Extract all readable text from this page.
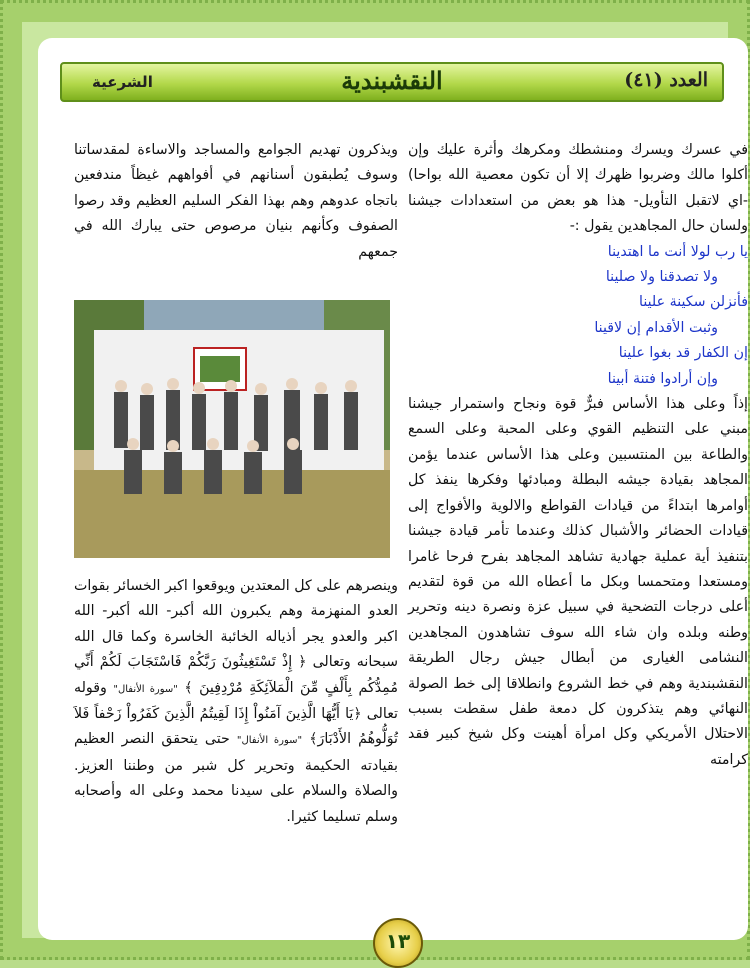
العدد (٤١)
النقشبندية
الشرعية

في عسرك ويسرك ومنشطك ومكرهك وأثرة عليك وإن أكلوا مالك وضربوا ظهرك إلا أن تكون معصية الله بواحا) -اي لاتقبل التأويل- هذا هو بعض من استعدادات جيشنا ولسان حال المجاهدين يقول :-

يا رب لولا أنت ما اهتدينا

ولا تصدقنا ولا صلينا

فأنزلن سكينة علينا

وثبت الأقدام إن لاقينا

إن الكفار قد بغوا علينا

وإن أرادوا فتنة أبينا

إذاً وعلى هذا الأساس فبرٌّ قوة ونجاح واستمرار جيشنا مبني على التنظيم القوي وعلى المحبة وعلى السمع والطاعة بين المنتسبين وعلى هذا الأساس عندما يؤمن المجاهد بقيادة جيشه البطلة ومبادئها وفكرها ينفذ كل أوامرها ابتداءً من قيادات القواطع والالوية والأفواج إلى قيادات الحضائر والأشبال كذلك وعندما تأمر قيادة جيشنا بتنفيذ أية عملية جهادية تشاهد المجاهد بفرح فرحا غامرا ومستعدا ومتحمسا وبكل ما أعطاه الله من قوة لتقديم أعلى درجات التضحية في سبيل عزة ونصرة دينه وتحرير وطنه وبلده وان شاء الله سوف تشاهدون المجاهدين النشامى الغيارى من أبطال جيش رجال الطريقة النقشبندية وهم في خط الشروع وانطلاقا إلى خط الصولة النهائي وهم يتذكرون كل دمعة طفل سقطت بسبب الاحتلال الأمريكي وكل امرأة أهينت وكل شيخ كبير فقد كرامته

ويذكرون تهديم الجوامع والمساجد والاساءة لمقدساتنا وسوف يُطبقون أسنانهم في أفواههم غيظاً مندفعين باتجاه عدوهم وهم بهذا الفكر السليم العظيم وقد رصوا الصفوف وكأنهم بنيان مرصوص حتى يبارك الله في جمعهم

وينصرهم على كل المعتدين ويوقعوا اكبر الخسائر بقوات العدو المنهزمة وهم يكبرون الله أكبر- الله أكبر- الله اكبر والعدو يجر أذياله الخائبة الخاسرة وكما قال الله سبحانه وتعالى ﴿ إِذْ تَسْتَغِيثُونَ رَبَّكُمْ فَاسْتَجَابَ لَكُمْ أَنِّي مُمِدُّكُم بِأَلْفٍ مِّنَ الْمَلآئِكَةِ مُرْدِفِينَ ﴾ "سورة الأنفال" وقوله تعالى ﴿يَا أَيُّهَا الَّذِينَ آمَنُواْ إِذَا لَقِيتُمُ الَّذِينَ كَفَرُواْ زَحْفاً فَلاَ تُوَلُّوهُمُ الأَدْبَارَ﴾ "سورة الأنفال" حتى يتحقق النصر العظيم بقيادته الحكيمة وتحرير كل شبر من وطننا العزيز. والصلاة والسلام على سيدنا محمد وعلى اله وأصحابه وسلم تسليما كثيرا.

١٣
